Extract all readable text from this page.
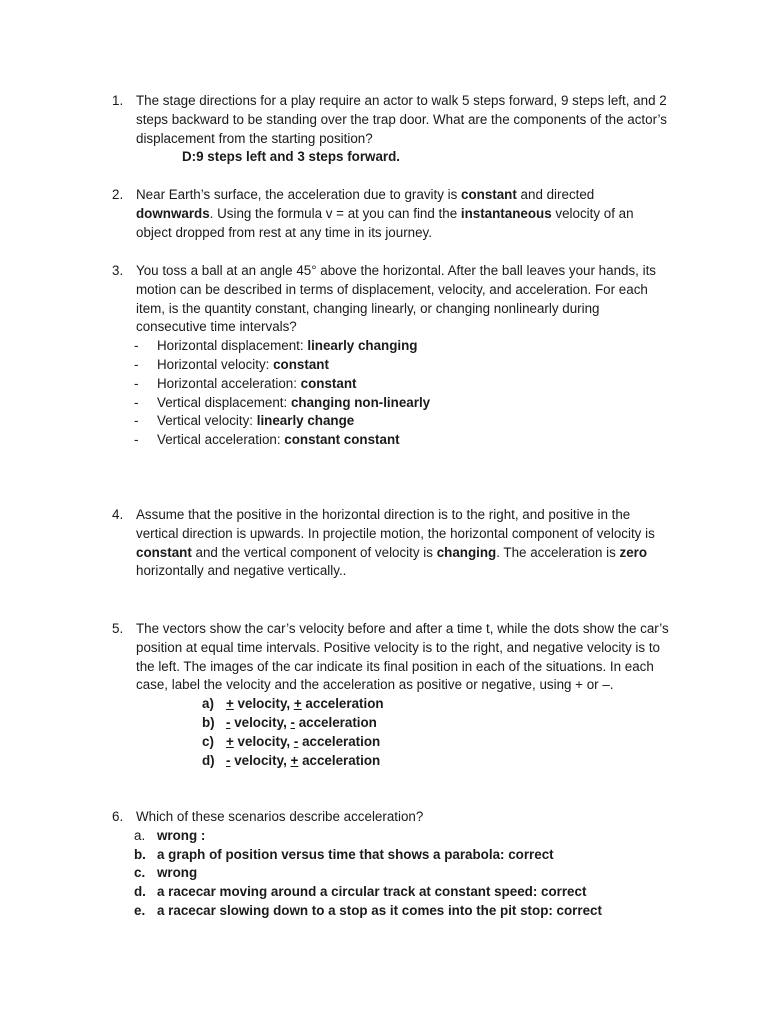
1. The stage directions for a play require an actor to walk 5 steps forward, 9 steps left, and 2 steps backward to be standing over the trap door. What are the components of the actor’s displacement from the starting position?
D:9 steps left and 3 steps forward.
2. Near Earth’s surface, the acceleration due to gravity is constant and directed downwards. Using the formula v = at you can find the instantaneous velocity of an object dropped from rest at any time in its journey.
3. You toss a ball at an angle 45° above the horizontal. After the ball leaves your hands, its motion can be described in terms of displacement, velocity, and acceleration. For each item, is the quantity constant, changing linearly, or changing nonlinearly during consecutive time intervals?
- Horizontal displacement: linearly changing
- Horizontal velocity: constant
- Horizontal acceleration: constant
- Vertical displacement: changing non-linearly
- Vertical velocity: linearly change
- Vertical acceleration: constant constant
4. Assume that the positive in the horizontal direction is to the right, and positive in the vertical direction is upwards. In projectile motion, the horizontal component of velocity is constant and the vertical component of velocity is changing. The acceleration is zero horizontally and negative vertically..
5. The vectors show the car’s velocity before and after a time t, while the dots show the car’s position at equal time intervals. Positive velocity is to the right, and negative velocity is to the left. The images of the car indicate its final position in each of the situations. In each case, label the velocity and the acceleration as positive or negative, using + or –.
a) + velocity, + acceleration
b) - velocity, - acceleration
c) + velocity, - acceleration
d) - velocity, + acceleration
6. Which of these scenarios describe acceleration?
a. wrong :
b. a graph of position versus time that shows a parabola: correct
c. wrong
d. a racecar moving around a circular track at constant speed: correct
e. a racecar slowing down to a stop as it comes into the pit stop: correct
